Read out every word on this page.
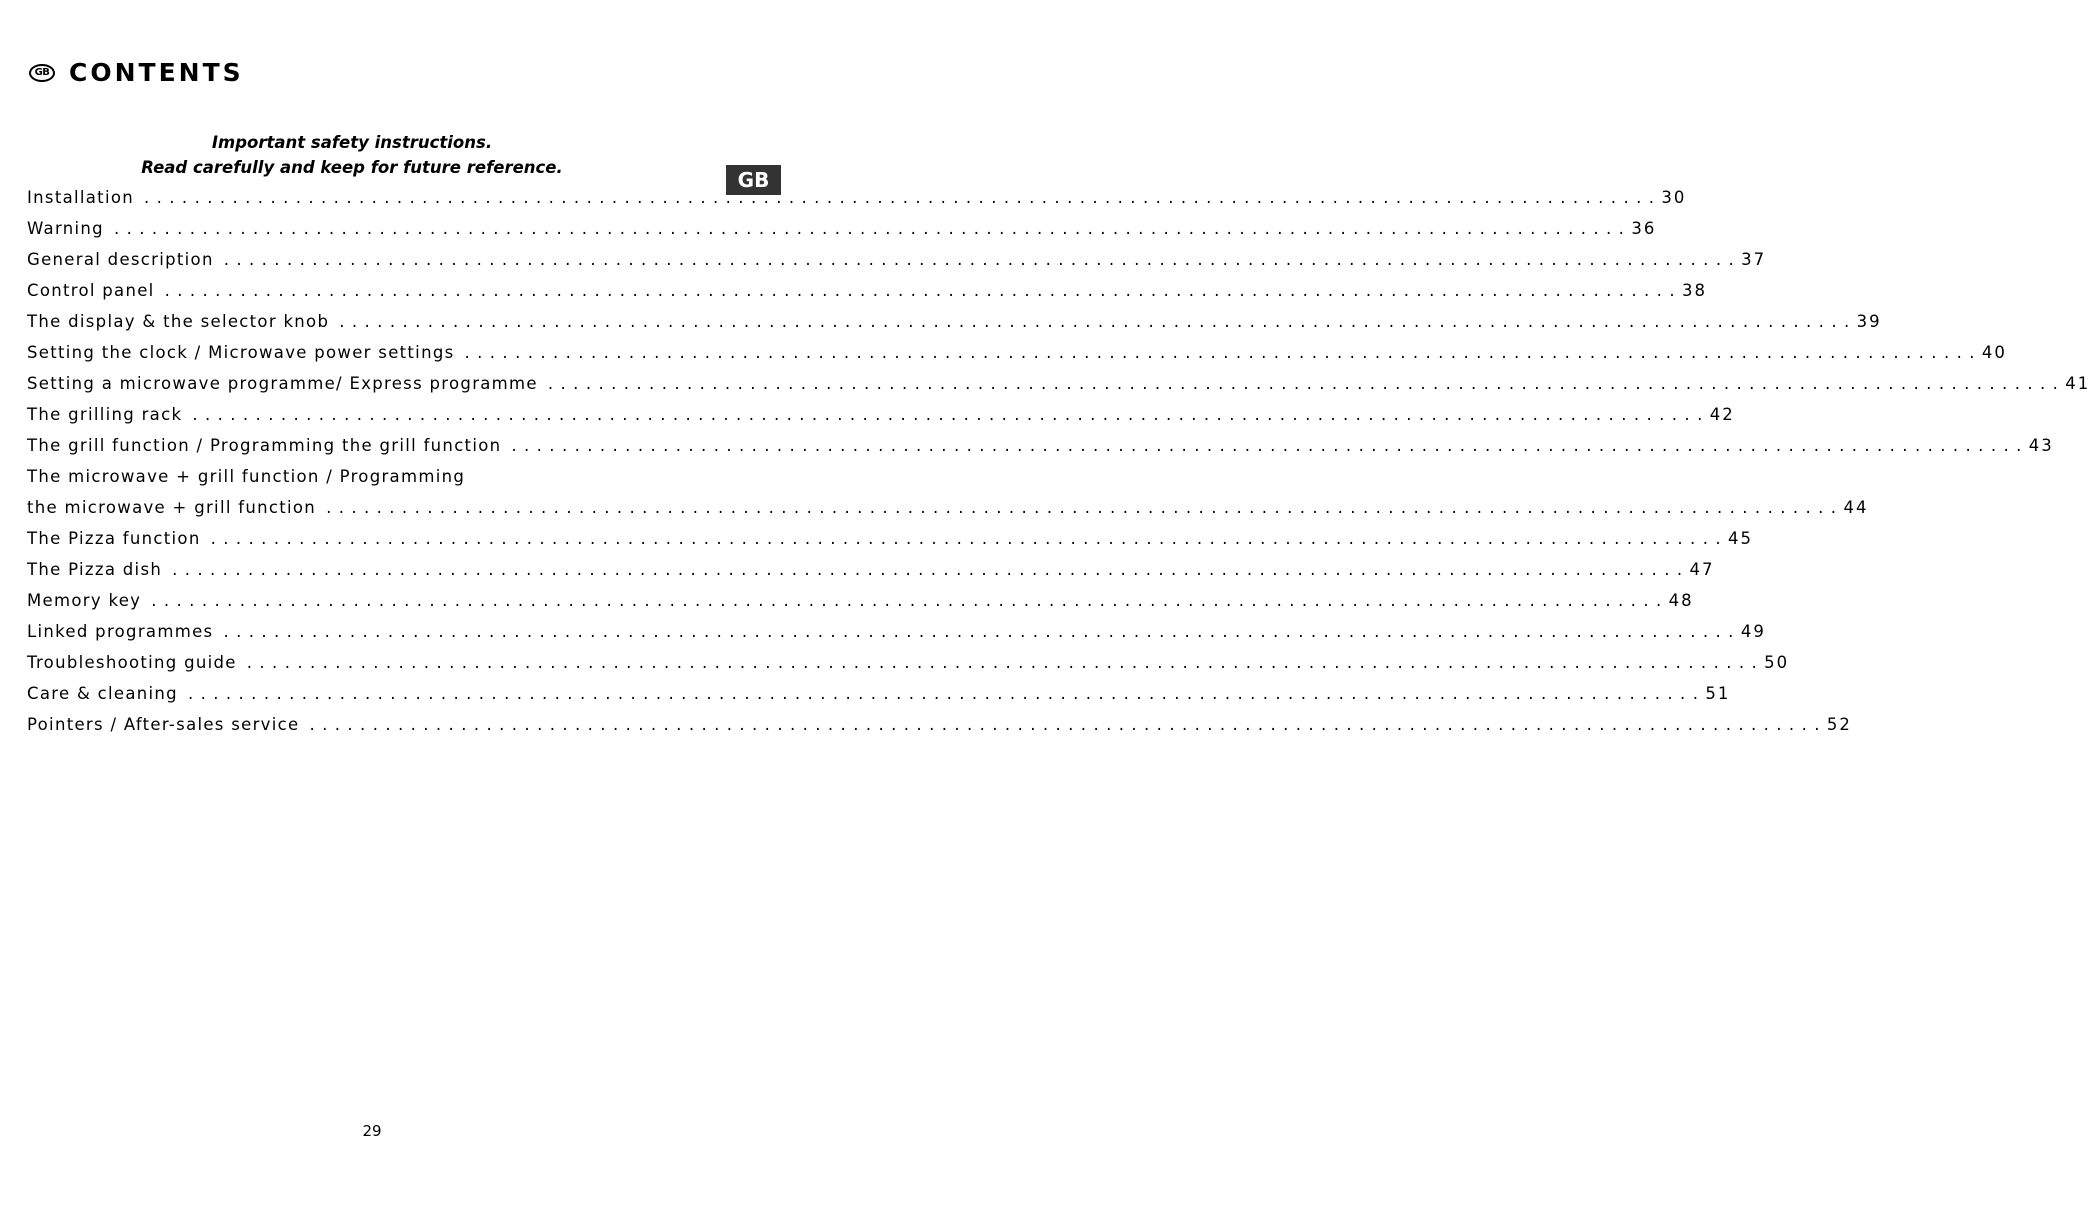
GB CONTENTS
GB
Important safety instructions.
Read carefully and keep for future reference.
Installation ........................................................................................................................ 30
Warning ........................................................................................................................ 36
General description ........................................................................................................................ 37
Control panel ........................................................................................................................ 38
The display & the selector knob ........................................................................................................................ 39
Setting the clock / Microwave power settings ........................................................................................................................ 40
Setting a microwave programme/ Express programme ........................................................................................................................ 41
The grilling rack ........................................................................................................................ 42
The grill function / Programming the grill function ........................................................................................................................ 43
The microwave + grill function / Programming
the microwave + grill function ........................................................................................................................ 44
The Pizza function ........................................................................................................................ 45
The Pizza dish ........................................................................................................................ 47
Memory key ........................................................................................................................ 48
Linked programmes ........................................................................................................................ 49
Troubleshooting guide ........................................................................................................................ 50
Care & cleaning ........................................................................................................................ 51
Pointers / After-sales service ........................................................................................................................ 52
29
